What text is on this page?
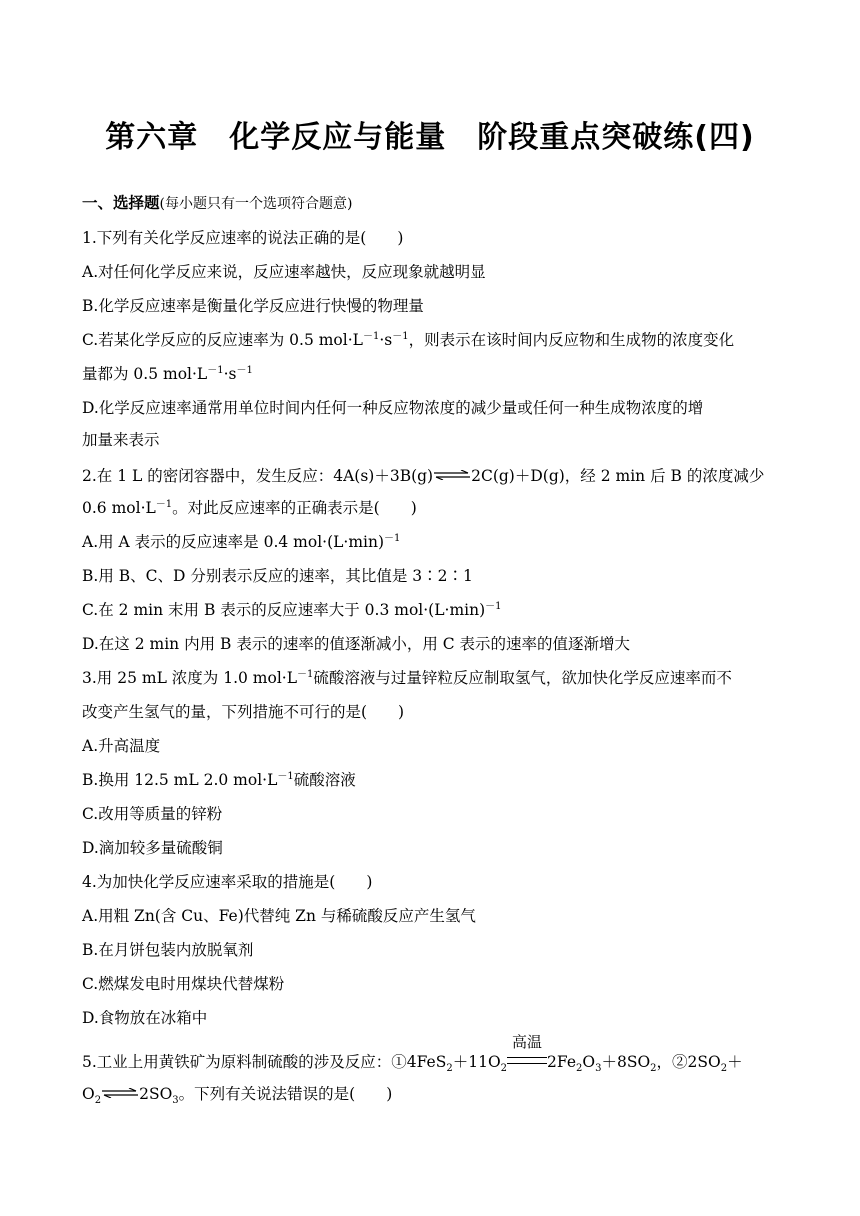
第六章　化学反应与能量　阶段重点突破练(四)
一、选择题(每小题只有一个选项符合题意)
1.下列有关化学反应速率的说法正确的是(　　)
A.对任何化学反应来说，反应速率越快，反应现象就越明显
B.化学反应速率是衡量化学反应进行快慢的物理量
C.若某化学反应的反应速率为 0.5 $mol\cdot L^{-1}\cdot s^{-1}$，则表示在该时间内反应物和生成物的浓度变化
量都为 0.5 $mol\cdot L^{-1}\cdot s^{-1}$
D.化学反应速率通常用单位时间内任何一种反应物浓度的减少量或任何一种生成物浓度的增
加量来表示
2.在 1 L 的密闭容器中，发生反应：4A(s)＋3B(g)⇌2C(g)＋D(g)，经 2 min 后 B 的浓度减少
0.6 $mol\cdot L^{-1}$。对此反应速率的正确表示是(　　)
A.用 A 表示的反应速率是 0.4 $mol\cdot(L\cdot\min)^{-1}$
B.用 B、C、D 分别表示反应的速率，其比值是 3∶2∶1
C.在 2 min 末用 B 表示的反应速率大于 0.3 $mol\cdot(L\cdot\min)^{-1}$
D.在这 2 min 内用 B 表示的速率的值逐渐减小，用 C 表示的速率的值逐渐增大
3.用 25 mL 浓度为 1.0 $mol\cdot L^{-1}$硫酸溶液与过量锌粒反应制取氢气，欲加快化学反应速率而不
改变产生氢气的量，下列措施不可行的是(　　)
A.升高温度
B.换用 12.5 mL 2.0 $mol\cdot L^{-1}$硫酸溶液
C.改用等质量的锌粉
D.滴加较多量硫酸铜
4.为加快化学反应速率采取的措施是(　　)
A.用粗 Zn(含 Cu、Fe)代替纯 Zn 与稀硫酸反应产生氢气
B.在月饼包装内放脱氧剂
C.燃煤发电时用煤块代替煤粉
D.食物放在冰箱中
5.工业上用黄铁矿为原料制硫酸的涉及反应：$①4FeS_2+11O_2$
高温
$2Fe_2O_3+8SO_2$，$②2SO_2+$
$O_2$ $\rightleftharpoons 2SO_3$。下列有关说法错误的是(　　)
